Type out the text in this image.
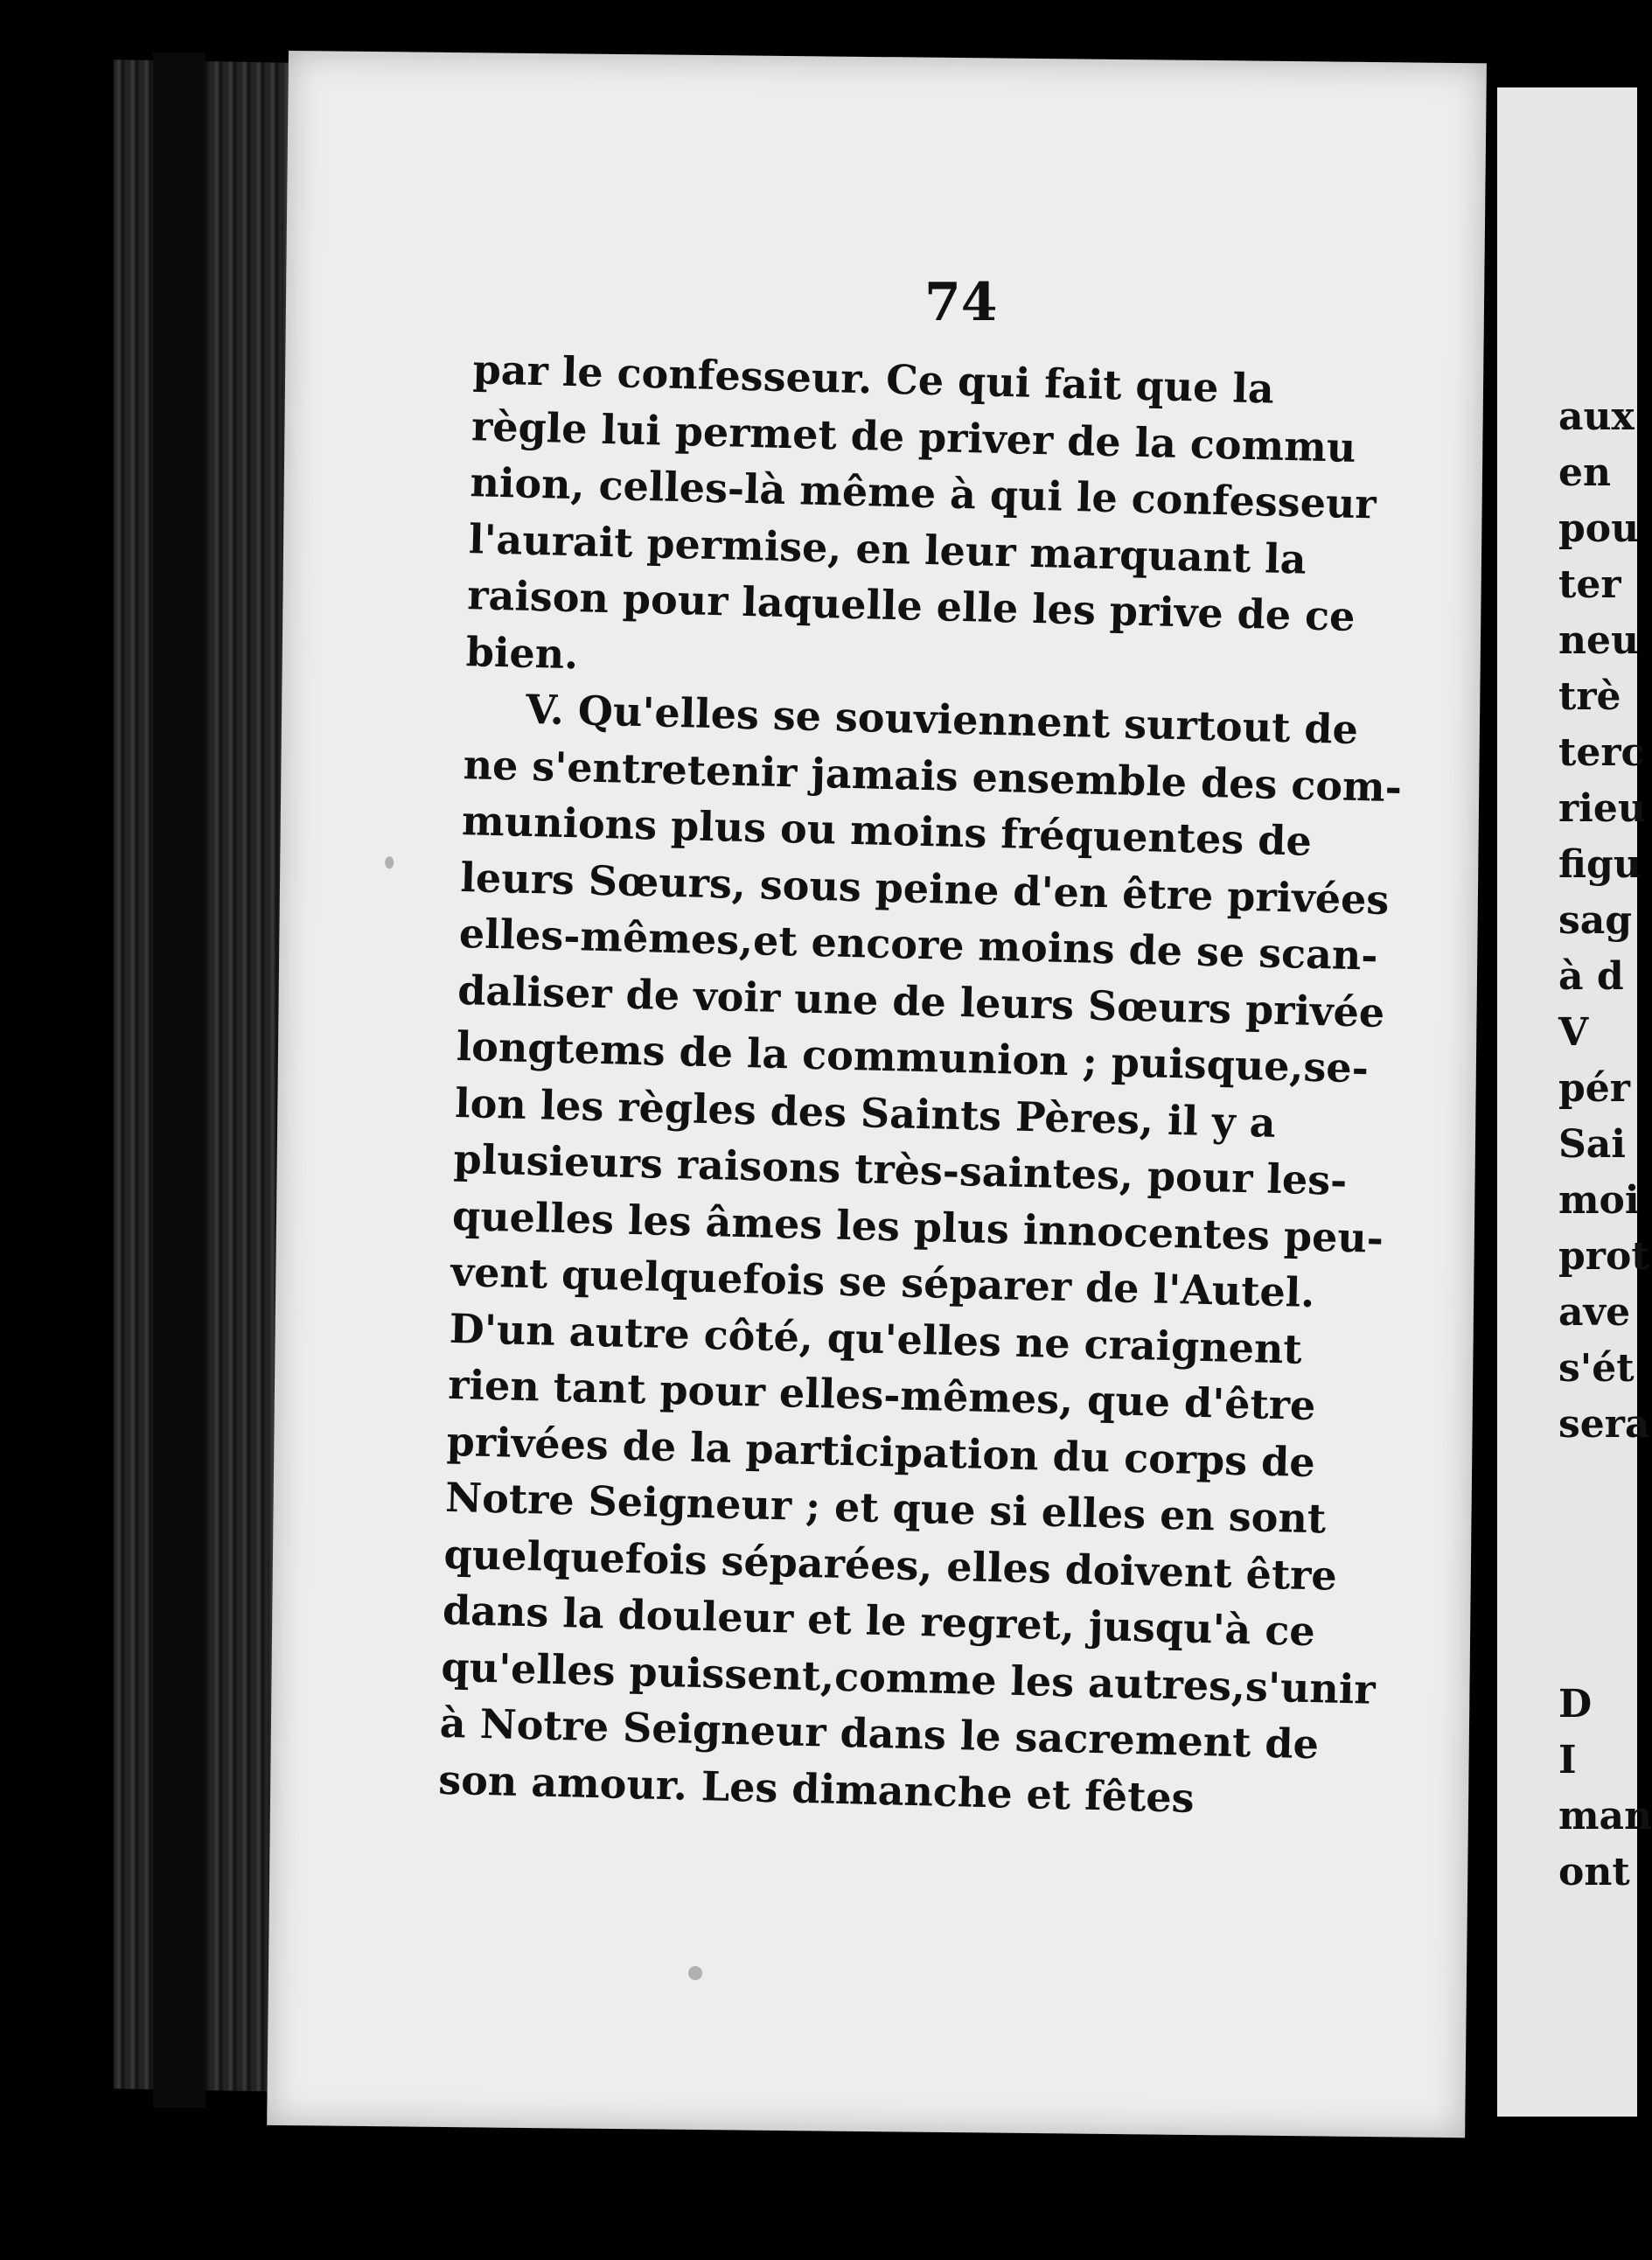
74
par le confesseur. Ce qui fait que la
règle lui permet de priver de la commu
nion, celles-là même à qui le confesseur
l'aurait permise, en leur marquant la
raison pour laquelle elle les prive de ce
bien.
V. Qu'elles se souviennent surtout de
ne s'entretenir jamais ensemble des com-
munions plus ou moins fréquentes de
leurs Sœurs, sous peine d'en être privées
elles-mêmes,et encore moins de se scan-
daliser de voir une de leurs Sœurs privée
longtems de la communion ; puisque,se-
lon les règles des Saints Pères, il y a
plusieurs raisons très-saintes, pour les-
quelles les âmes les plus innocentes peu-
vent quelquefois se séparer de l'Autel.
D'un autre côté, qu'elles ne craignent
rien tant pour elles-mêmes, que d'être
privées de la participation du corps de
Notre Seigneur ; et que si elles en sont
quelquefois séparées, elles doivent être
dans la douleur et le regret, jusqu'à ce
qu'elles puissent,comme les autres,s'unir
à Notre Seigneur dans le sacrement de
son amour. Les dimanche et fêtes
aux
en
pou
ter
neu
trè
terc
rieu
figu
sag
à d
V
pér
Sai
moi
prot
ave
s'ét
sera
D
I
man
ont
